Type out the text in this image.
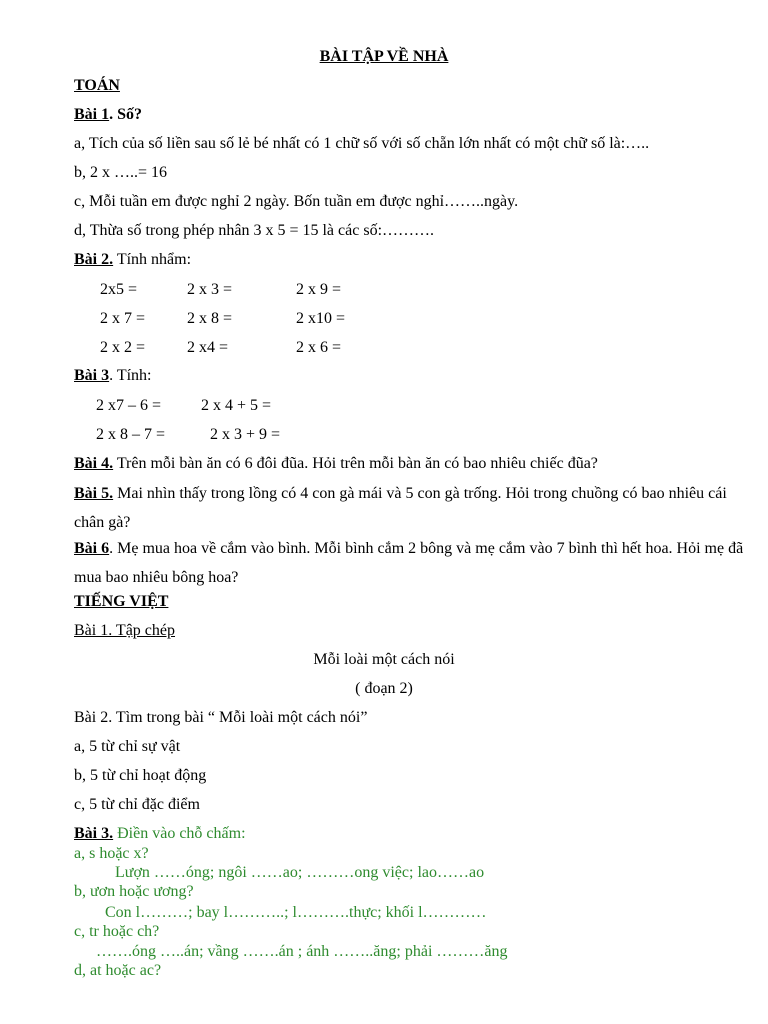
BÀI TẬP VỀ NHÀ
TOÁN
Bài 1. Số?
a, Tích của số liền sau số lẻ bé nhất có 1 chữ số với số chẵn lớn nhất có một chữ số là:…..
b, 2 x …..= 16
c, Mỗi tuần em được nghỉ 2 ngày. Bốn tuần em được nghỉ……..ngày.
d, Thừa số trong phép nhân 3 x 5 = 15 là các số:……….
Bài 2. Tính nhẩm:
2x5 =	2 x 3 =	2 x 9 =
2 x 7 =	2 x 8 =	2 x10 =
2 x 2 =	2 x4 =	2 x 6 =
Bài 3. Tính:
2 x7 – 6 = 2 x 4 + 5 =
2 x 8 – 7 =	2 x 3 + 9 =
Bài 4. Trên mỗi bàn ăn có 6 đôi đũa. Hỏi trên mỗi bàn ăn có bao nhiêu chiếc đũa?
Bài 5. Mai nhìn thấy trong lồng có 4 con gà mái và 5 con gà trống. Hỏi trong chuồng có bao nhiêu cái chân gà?
Bài 6. Mẹ mua hoa về cắm vào bình. Mỗi bình cắm 2 bông và mẹ cắm vào 7 bình thì hết hoa. Hỏi mẹ đã mua bao nhiêu bông hoa?
TIẾNG VIỆT
Bài 1. Tập chép
Mỗi loài một cách nói
( đoạn 2)
Bài 2. Tìm trong bài “ Mỗi loài một cách nói”
a, 5 từ chỉ sự vật
b, 5 từ chỉ hoạt động
c, 5 từ chỉ đặc điểm
Bài 3. Điền vào chỗ chấm:
a, s hoặc x?
Lượn ……óng; ngôi ……ao; ………ong việc; lao……ao
b, ươn hoặc ương?
Con l………; bay l………..; l……….thực; khối l…………
c, tr hoặc ch?
…….óng …..án; vầng …….án ; ánh ……..ăng; phải ………ăng
d, at hoặc ac?
